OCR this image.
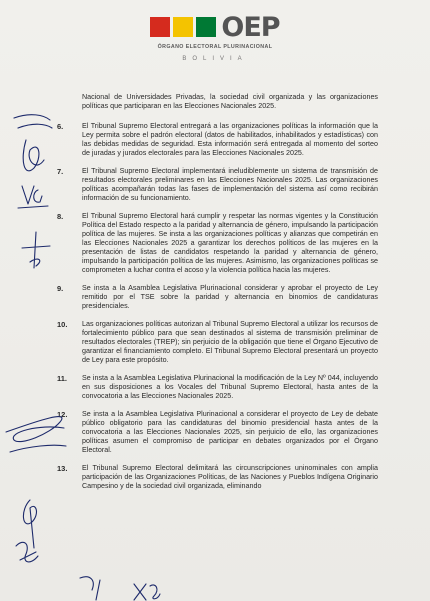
OEP
ÓRGANO ELECTORAL PLURINACIONAL
BOLIVIA

Nacional de Universidades Privadas, la sociedad civil organizada y las organizaciones políticas que participaran en las Elecciones Nacionales 2025.

6.	El Tribunal Supremo Electoral entregará a las organizaciones políticas la información que la Ley permita sobre el padrón electoral (datos de habilitados, inhabilitados y estadísticas) con las debidas medidas de seguridad. Esta información será entregada al momento del sorteo de juradas y jurados electorales para las Elecciones Nacionales 2025.

7.	El Tribunal Supremo Electoral implementará ineludiblemente un sistema de transmisión de resultados electorales preliminares en las Elecciones Nacionales 2025. Las organizaciones políticas acompañarán todas las fases de implementación del sistema así como recibirán información de su funcionamiento.

8.	El Tribunal Supremo Electoral hará cumplir y respetar las normas vigentes y la Constitución Política del Estado respecto a la paridad y alternancia de género, impulsando la participación política de las mujeres. Se insta a las organizaciones políticas y alianzas que competirán en las Elecciones Nacionales 2025 a garantizar los derechos políticos de las mujeres en la presentación de listas de candidatos respetando la paridad y alternancia de género, impulsando la participación política de las mujeres. Asimismo, las organizaciones políticas se comprometen a luchar contra el acoso y la violencia política hacia las mujeres.

9.	Se insta a la Asamblea Legislativa Plurinacional considerar y aprobar el proyecto de Ley remitido por el TSE sobre la paridad y alternancia en binomios de candidaturas presidenciales.

10. Las organizaciones políticas autorizan al Tribunal Supremo Electoral a utilizar los recursos de fortalecimiento público para que sean destinados al sistema de transmisión preliminar de resultados electorales (TREP); sin perjuicio de la obligación que tiene el Órgano Ejecutivo de garantizar el financiamiento completo. El Tribunal Supremo Electoral presentará un proyecto de Ley para este propósito.

11. Se insta a la Asamblea Legislativa Plurinacional la modificación de la Ley Nº 044, incluyendo en sus disposiciones a los Vocales del Tribunal Supremo Electoral, hasta antes de la convocatoria a las Elecciones Nacionales 2025.

12. Se insta a la Asamblea Legislativa Plurinacional a considerar el proyecto de Ley de debate público obligatorio para las candidaturas del binomio presidencial hasta antes de la convocatoria a las Elecciones Nacionales 2025, sin perjuicio de ello, las organizaciones políticas asumen el compromiso de participar en debates organizados por el Órgano Electoral.

13. El Tribunal Supremo Electoral delimitará las circunscripciones uninominales con amplia participación de las Organizaciones Políticas, de las Naciones y Pueblos Indígena Originario Campesino y de la sociedad civil organizada, eliminando
